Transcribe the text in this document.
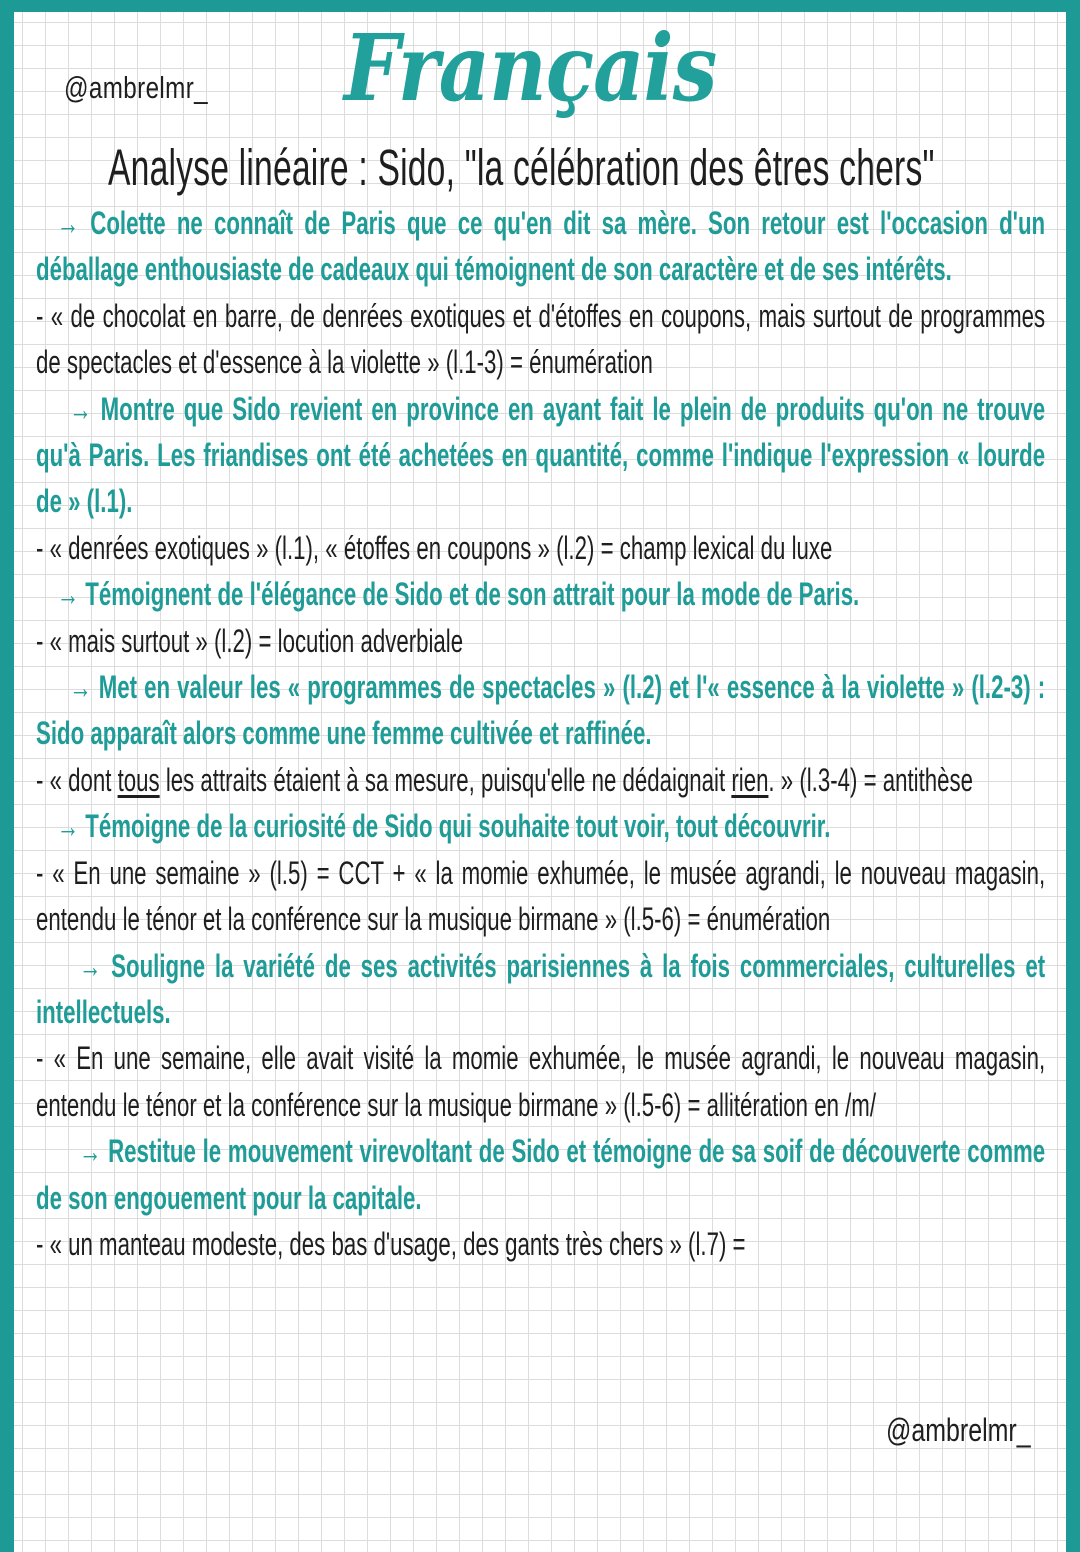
@ambrelmr_ Français
Analyse linéaire : Sido, "la célébration des êtres chers"

→ Colette ne connaît de Paris que ce qu'en dit sa mère. Son retour est l'occasion d'un déballage enthousiaste de cadeaux qui témoignent de son caractère et de ses intérêts.

- « de chocolat en barre, de denrées exotiques et d'étoffes en coupons, mais surtout de programmes de spectacles et d'essence à la violette » (l.1-3) = énumération

→ Montre que Sido revient en province en ayant fait le plein de produits qu'on ne trouve qu'à Paris. Les friandises ont été achetées en quantité, comme l'indique l'expression « lourde de » (l.1).

- « denrées exotiques » (l.1), « étoffes en coupons » (l.2) = champ lexical du luxe

→ Témoignent de l'élégance de Sido et de son attrait pour la mode de Paris.

- « mais surtout » (l.2) = locution adverbiale

→ Met en valeur les « programmes de spectacles » (l.2) et l'« essence à la violette » (l.2-3) : Sido apparaît alors comme une femme cultivée et raffinée.

- « dont tous les attraits étaient à sa mesure, puisqu'elle ne dédaignait rien. » (l.3-4) = antithèse

→ Témoigne de la curiosité de Sido qui souhaite tout voir, tout découvrir.

- « En une semaine » (l.5) = CCT + « la momie exhumée, le musée agrandi, le nouveau magasin, entendu le ténor et la conférence sur la musique birmane » (l.5-6) = énumération

→ Souligne la variété de ses activités parisiennes à la fois commerciales, culturelles et intellectuels.

- « En une semaine, elle avait visité la momie exhumée, le musée agrandi, le nouveau magasin, entendu le ténor et la conférence sur la musique birmane » (l.5-6) = allitération en /m/

→ Restitue le mouvement virevoltant de Sido et témoigne de sa soif de découverte comme de son engouement pour la capitale.

- « un manteau modeste, des bas d'usage, des gants très chers » (l.7) =

@ambrelmr_
